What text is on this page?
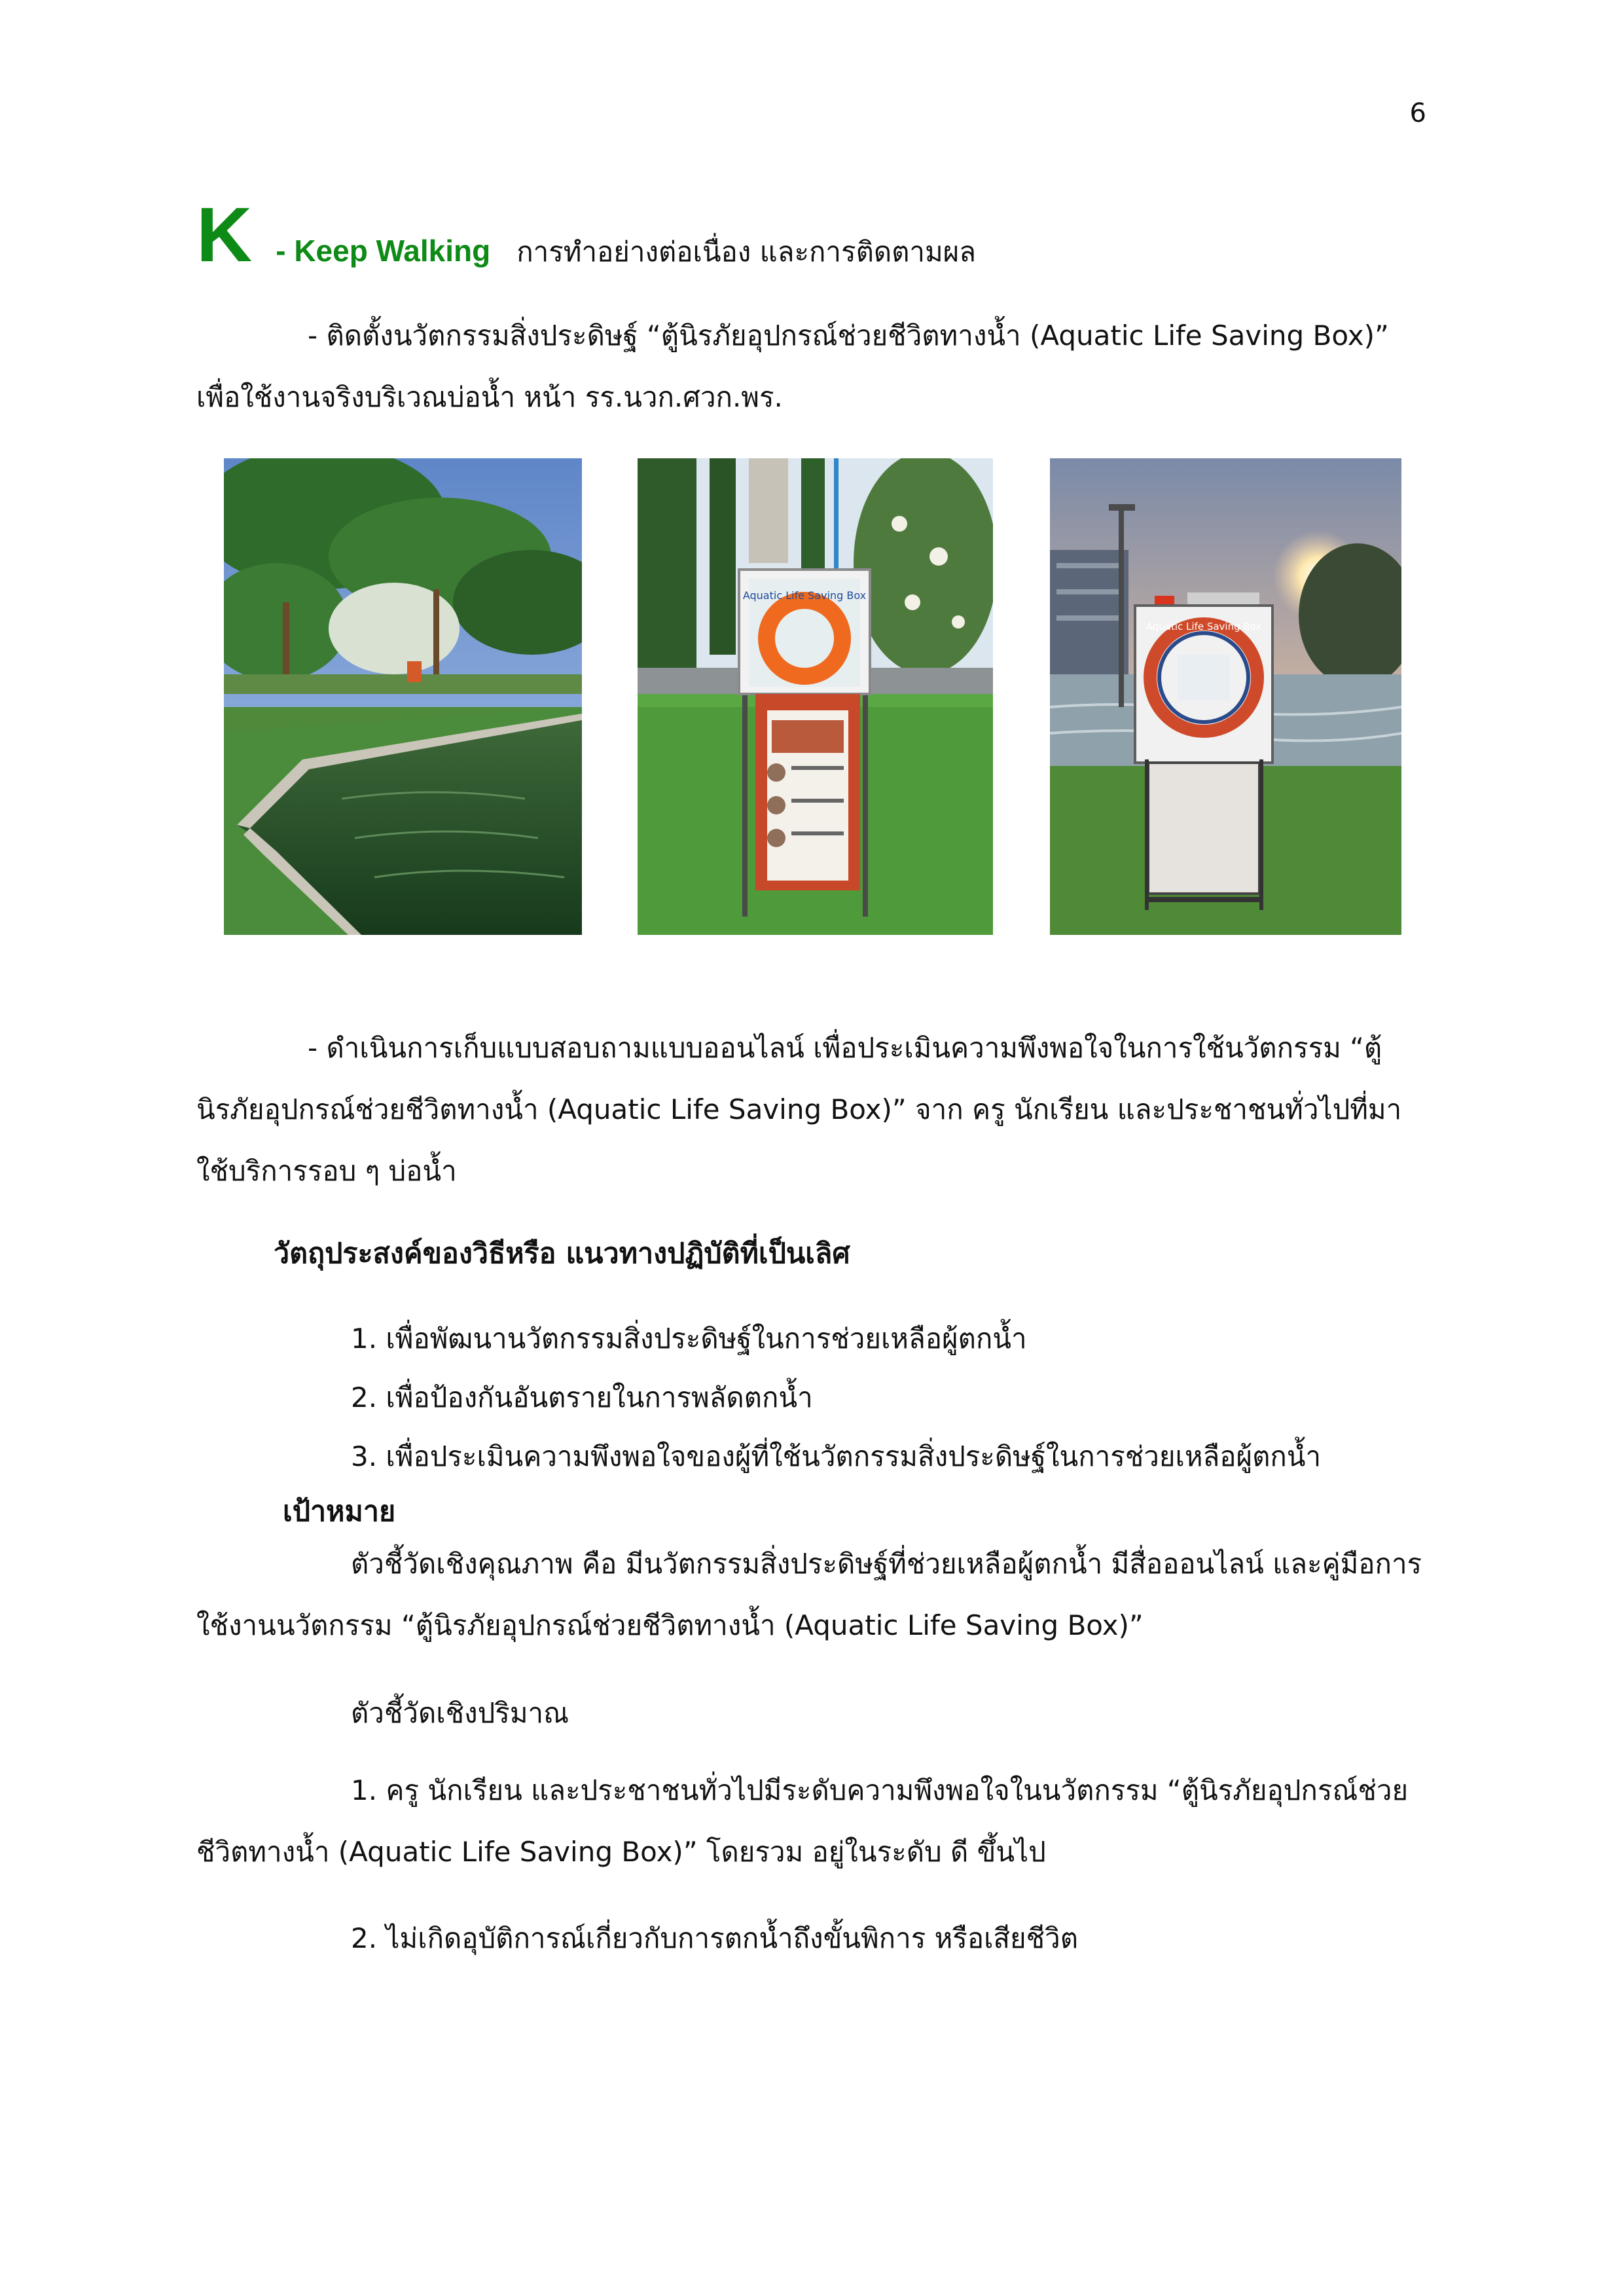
6
K - Keep Walking การทำอย่างต่อเนื่อง และการติดตามผล
- ติดตั้งนวัตกรรมสิ่งประดิษฐ์ “ตู้นิรภัยอุปกรณ์ช่วยชีวิตทางน้ำ (Aquatic Life Saving Box)” เพื่อใช้งานจริงบริเวณบ่อน้ำ หน้า รร.นวก.ศวก.พร.
Aquatic Life Saving Box
Aquatic Life Saving Box
- ดำเนินการเก็บแบบสอบถามแบบออนไลน์ เพื่อประเมินความพึงพอใจในการใช้นวัตกรรม “ตู้นิรภัยอุปกรณ์ช่วยชีวิตทางน้ำ (Aquatic Life Saving Box)” จาก ครู นักเรียน และประชาชนทั่วไปที่มาใช้บริการรอบ ๆ บ่อน้ำ
วัตถุประสงค์ของวิธีหรือ แนวทางปฏิบัติที่เป็นเลิศ
1. เพื่อพัฒนานวัตกรรมสิ่งประดิษฐ์ในการช่วยเหลือผู้ตกน้ำ
2. เพื่อป้องกันอันตรายในการพลัดตกน้ำ
3. เพื่อประเมินความพึงพอใจของผู้ที่ใช้นวัตกรรมสิ่งประดิษฐ์ในการช่วยเหลือผู้ตกน้ำ
เป้าหมาย
ตัวชี้วัดเชิงคุณภาพ คือ มีนวัตกรรมสิ่งประดิษฐ์ที่ช่วยเหลือผู้ตกน้ำ มีสื่อออนไลน์ และคู่มือการใช้งานนวัตกรรม “ตู้นิรภัยอุปกรณ์ช่วยชีวิตทางน้ำ (Aquatic Life Saving Box)”
ตัวชี้วัดเชิงปริมาณ
1. ครู นักเรียน และประชาชนทั่วไปมีระดับความพึงพอใจในนวัตกรรม “ตู้นิรภัยอุปกรณ์ช่วยชีวิตทางน้ำ (Aquatic Life Saving Box)” โดยรวม อยู่ในระดับ ดี ขึ้นไป
2. ไม่เกิดอุบัติการณ์เกี่ยวกับการตกน้ำถึงขั้นพิการ หรือเสียชีวิต
